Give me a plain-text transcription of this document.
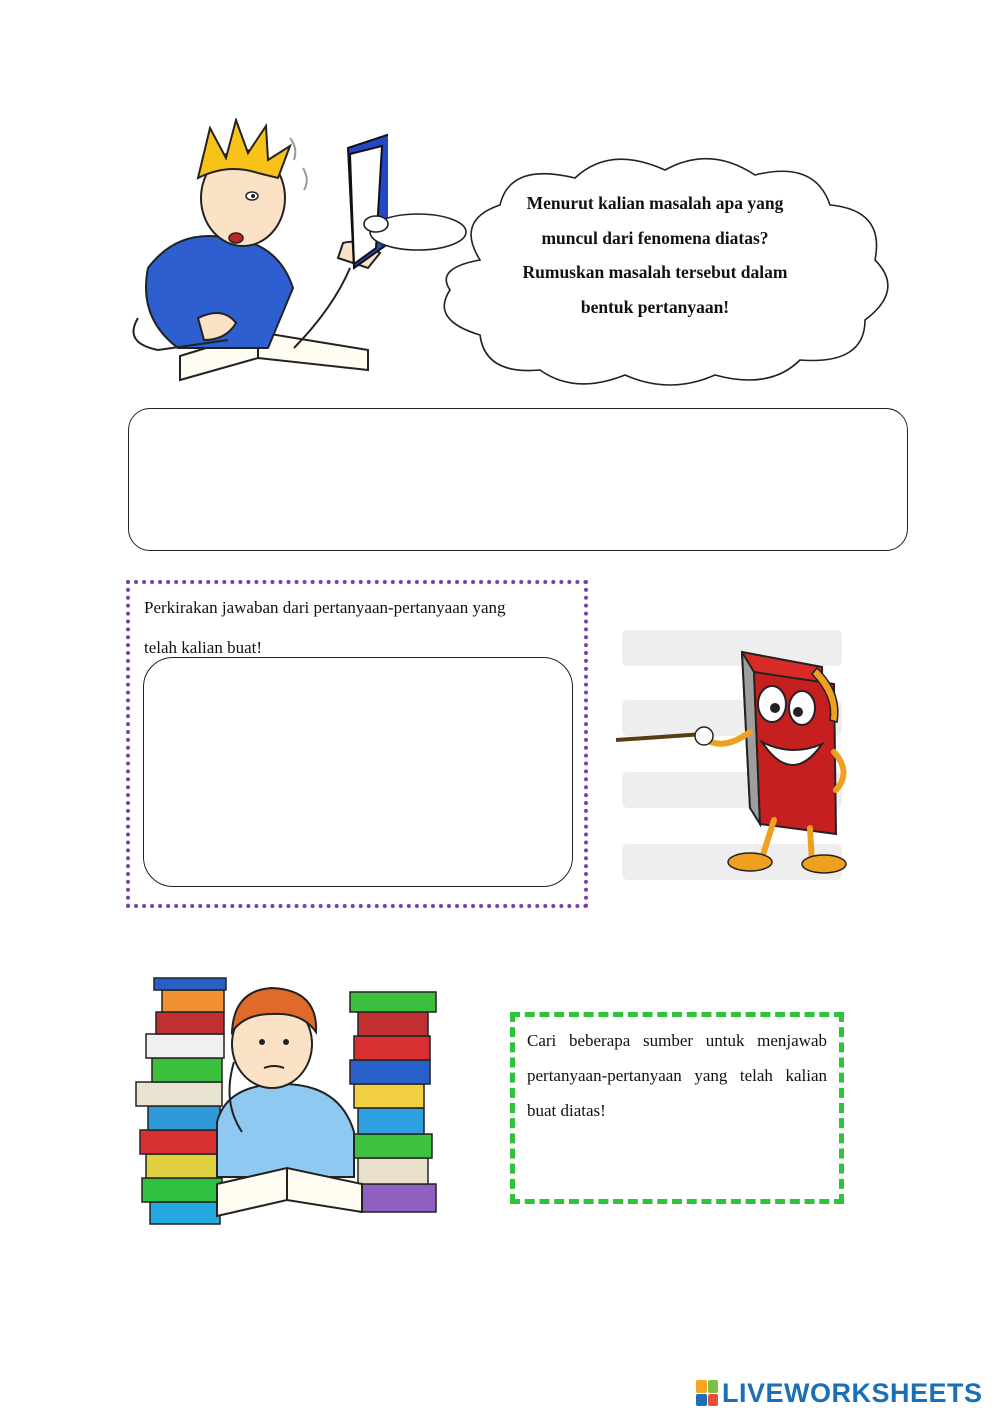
Menurut kalian masalah apa yang
muncul dari fenomena diatas?
Rumuskan masalah tersebut dalam
bentuk pertanyaan!
Perkirakan jawaban dari pertanyaan-pertanyaan yang
telah kalian buat!
Cari beberapa sumber untuk menjawab pertanyaan-pertanyaan yang telah kalian buat diatas!
LIVEWORKSHEETS
